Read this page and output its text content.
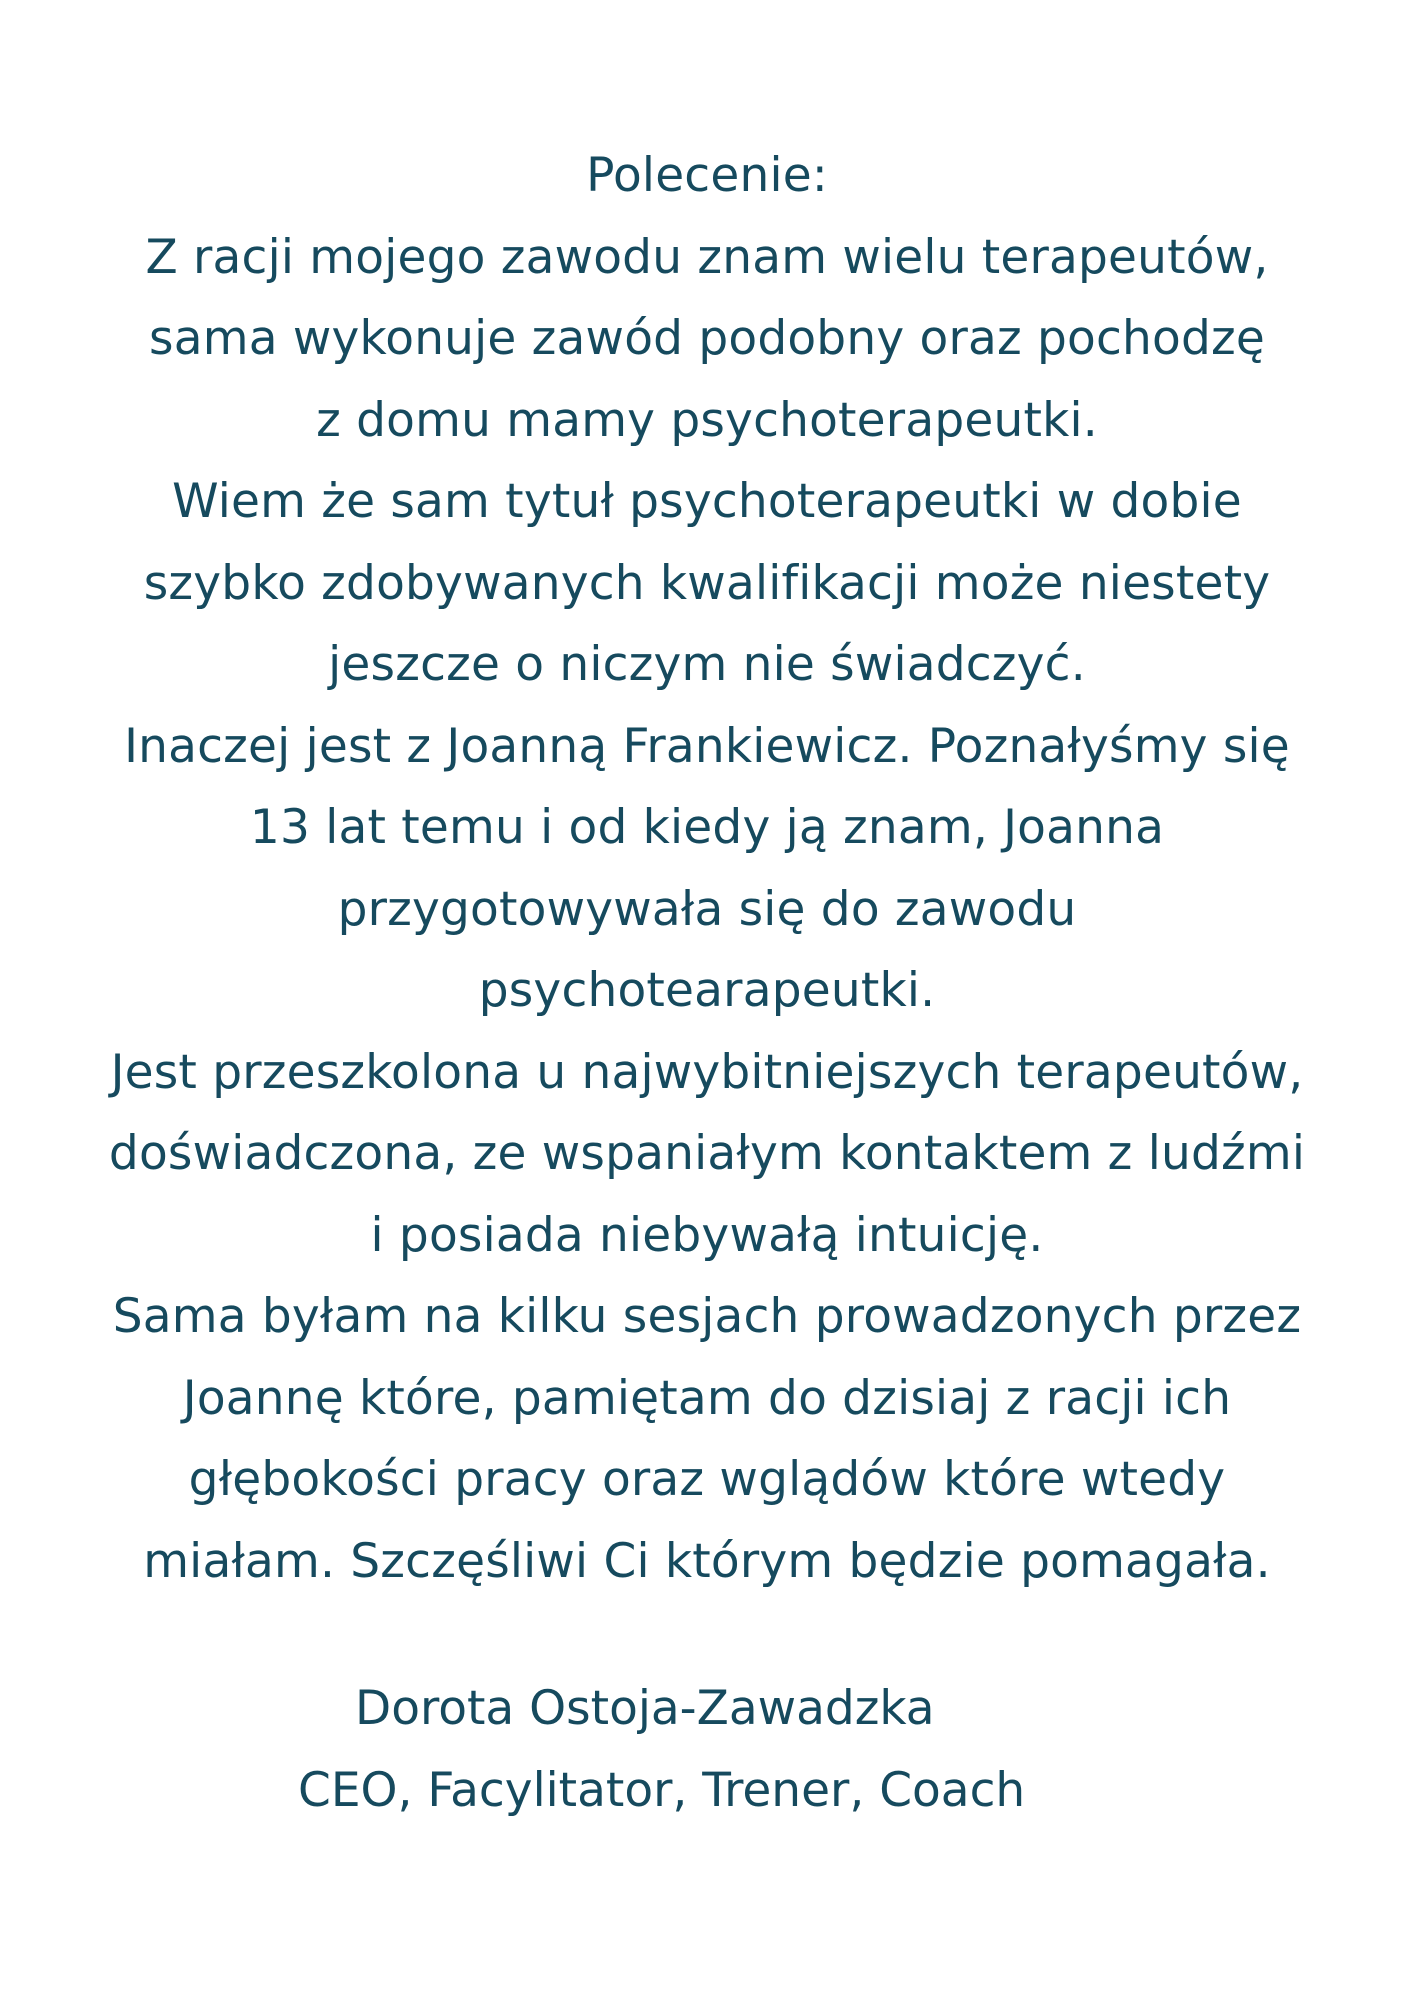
Polecenie:
Z racji mojego zawodu znam wielu terapeutów,
sama wykonuje zawód podobny oraz pochodzę
z domu mamy psychoterapeutki.
Wiem że sam tytuł psychoterapeutki w dobie
szybko zdobywanych kwalifikacji może niestety
jeszcze o niczym nie świadczyć.
Inaczej jest z Joanną Frankiewicz. Poznałyśmy się
13 lat temu i od kiedy ją znam, Joanna
przygotowywała się do zawodu
psychotearapeutki.
Jest przeszkolona u najwybitniejszych terapeutów,
doświadczona, ze wspaniałym kontaktem z ludźmi
i posiada niebywałą intuicję.
Sama byłam na kilku sesjach prowadzonych przez
Joannę które, pamiętam do dzisiaj z racji ich
głębokości pracy oraz wglądów które wtedy
miałam. Szczęśliwi Ci którym będzie pomagała.
Dorota Ostoja-Zawadzka
CEO, Facylitator, Trener, Coach
